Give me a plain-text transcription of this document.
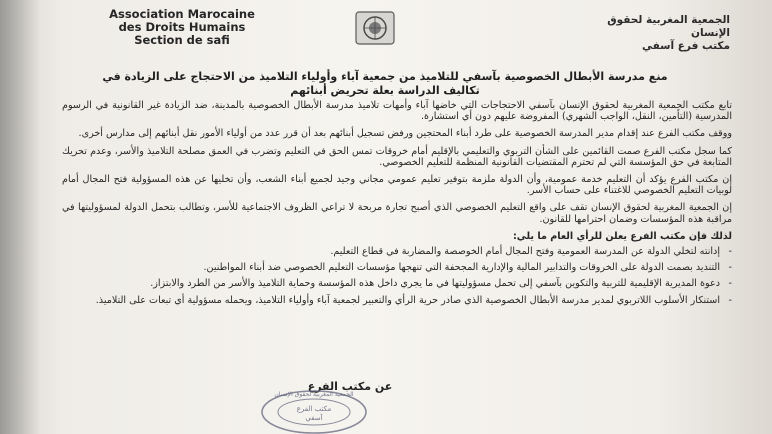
Association Marocaine
des Droits Humains
Section de safi
الجمعية المغربية لحقوق
الإنسان
مكتب فرع آسفي
منع مدرسة الأبطال الخصوصية بآسفي للتلاميذ من جمعية آباء وأولياء التلاميذ من الاحتجاج على الزيادة في تكاليف الدراسة بعلة تحريض أبنائهم

تابع مكتب الجمعية المغربية لحقوق الإنسان بآسفي الاحتجاجات التي خاضها آباء وأمهات تلاميذ مدرسة الأبطال الخصوصية بالمدينة، ضد الزيادة غير القانونية في الرسوم المدرسية (التأمين، النقل، الواجب الشهري) المفروضة عليهم دون أي استشارة.

ووقف مكتب الفرع عند إقدام مدير المدرسة الخصوصية على طرد أبناء المحتجين ورفض تسجيل أبنائهم بعد أن قرر عدد من أولياء الأمور نقل أبنائهم إلى مدارس أخرى.

كما سجل مكتب الفرع صمت القائمين على الشأن التربوي والتعليمي بالإقليم أمام خروقات تمس الحق في التعليم وتضرب في العمق مصلحة التلاميذ والأسر، وعدم تحريك المتابعة في حق المؤسسة التي لم تحترم المقتضيات القانونية المنظمة للتعليم الخصوصي.

إن مكتب الفرع يؤكد أن التعليم خدمة عمومية، وأن الدولة ملزمة بتوفير تعليم عمومي مجاني وجيد لجميع أبناء الشعب، وأن تخليها عن هذه المسؤولية فتح المجال أمام لوبيات التعليم الخصوصي للاغتناء على حساب الأسر.

إن الجمعية المغربية لحقوق الإنسان تقف على واقع التعليم الخصوصي الذي أصبح تجارة مربحة لا تراعي الظروف الاجتماعية للأسر، وتطالب بتحمل الدولة لمسؤوليتها في مراقبة هذه المؤسسات وضمان احترامها للقانون.

لذلك فإن مكتب الفرع يعلن للرأي العام ما يلي:

- إدانته لتخلي الدولة عن المدرسة العمومية وفتح المجال أمام الخوصصة والمضاربة في قطاع التعليم.
- التنديد بصمت الدولة على الخروقات والتدابير المالية والإدارية المجحفة التي تنهجها مؤسسات التعليم الخصوصي ضد أبناء المواطنين.
- دعوة المديرية الإقليمية للتربية والتكوين بآسفي إلى تحمل مسؤوليتها في ما يجري داخل هذه المؤسسة وحماية التلاميذ والأسر من الطرد والابتزاز.
- استنكار الأسلوب اللاتربوي لمدير مدرسة الأبطال الخصوصية الذي صادر حرية الرأي والتعبير لجمعية آباء وأولياء التلاميذ، ويحمله مسؤولية أي تبعات على التلاميذ.
عن مكتب الفرع
الجمعية المغربية لحقوق الإنسان
مكتب الفرع
آسفي
